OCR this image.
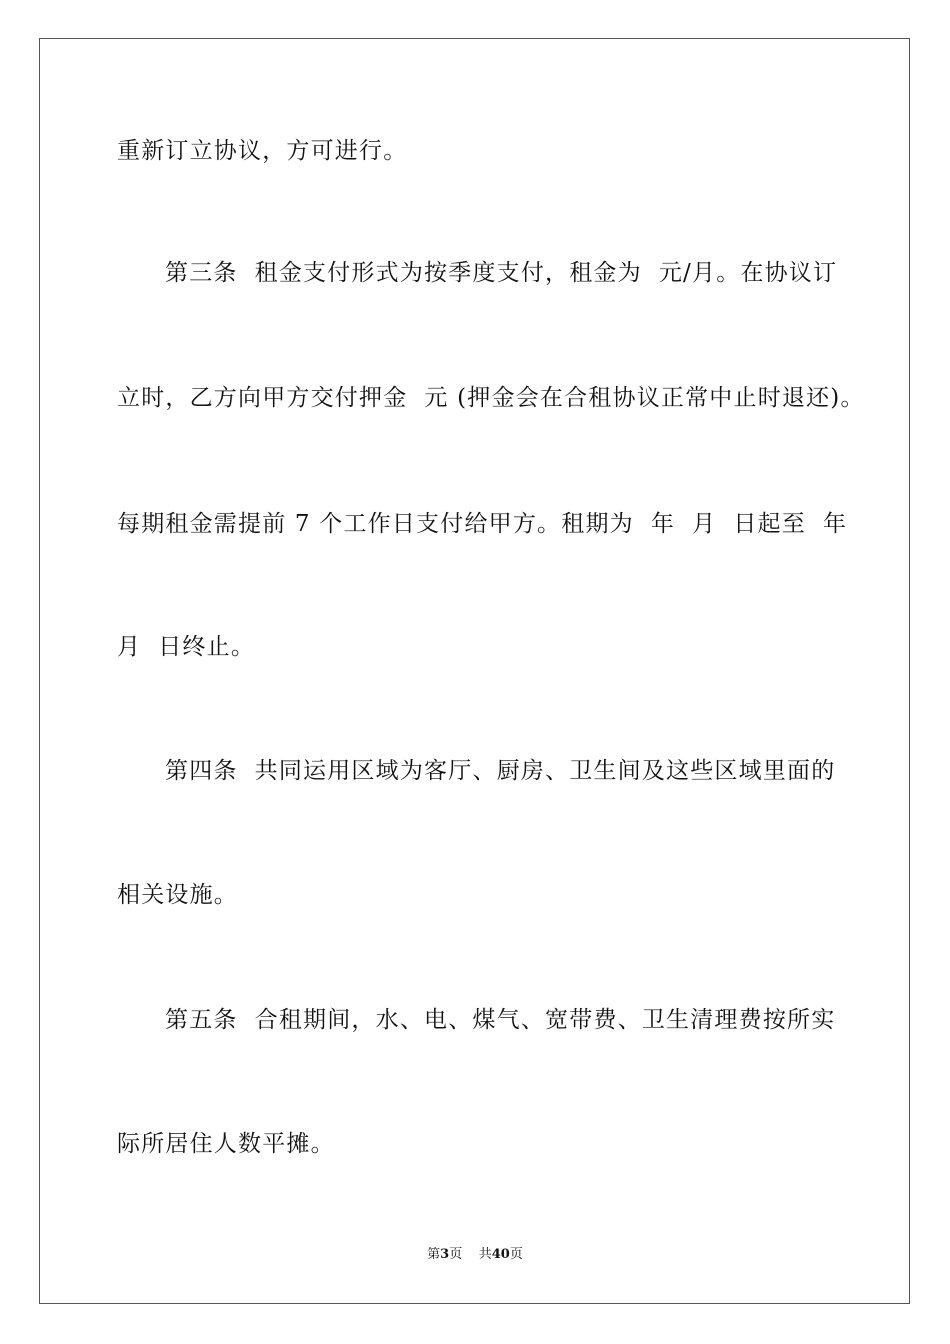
重新订立协议，方可进行。
第三条  租金支付形式为按季度支付，租金为  元/月。在协议订
立时，乙方向甲方交付押金  元 (押金会在合租协议正常中止时退还)。
每期租金需提前 7 个工作日支付给甲方。租期为  年  月  日起至  年
月  日终止。
第四条  共同运用区域为客厅、厨房、卫生间及这些区域里面的
相关设施。
第五条  合租期间，水、电、煤气、宽带费、卫生清理费按所实
际所居住人数平摊。
第3页 共40页
